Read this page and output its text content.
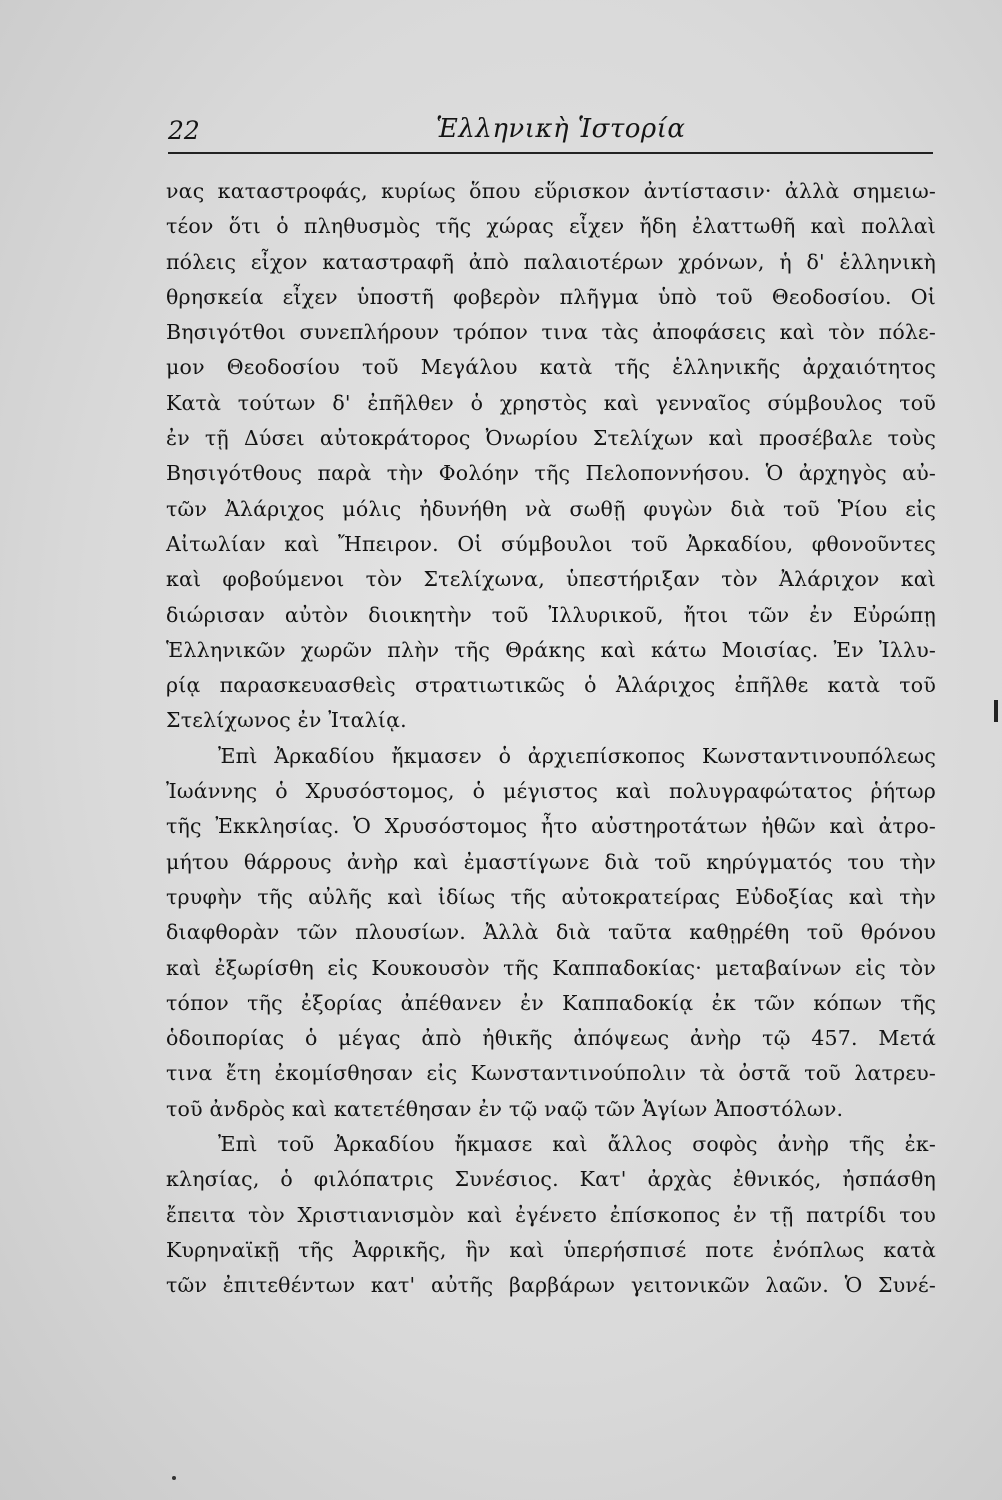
22	Ἑλληνικὴ Ἱστορία
νας καταστροφάς, κυρίως ὅπου εὕρισκον ἀντίστασιν· ἀλλὰ σημειω-
τέον ὅτι ὁ πληθυσμὸς τῆς χώρας εἶχεν ἤδη ἐλαττωθῆ καὶ πολλαὶ
πόλεις εἶχον καταστραφῆ ἀπὸ παλαιοτέρων χρόνων, ἡ δ' ἑλληνικὴ
θρησκεία εἶχεν ὑποστῆ φοβερὸν πλῆγμα ὑπὸ τοῦ Θεοδοσίου. Οἱ
Βησιγότθοι συνεπλήρουν τρόπον τινα τὰς ἀποφάσεις καὶ τὸν πόλε-
μον Θεοδοσίου τοῦ Μεγάλου κατὰ τῆς ἑλληνικῆς ἀρχαιότητος
Κατὰ τούτων δ' ἐπῆλθεν ὁ χρηστὸς καὶ γενναῖος σύμβουλος τοῦ
ἐν τῇ Δύσει αὐτοκράτορος Ὀνωρίου Στελίχων καὶ προσέβαλε τοὺς
Βησιγότθους παρὰ τὴν Φολόην τῆς Πελοποννήσου. Ὁ ἀρχηγὸς αὐ-
τῶν Ἀλάριχος μόλις ἠδυνήθη νὰ σωθῇ φυγὼν διὰ τοῦ Ῥίου εἰς
Αἰτωλίαν καὶ Ἤπειρον. Οἱ σύμβουλοι τοῦ Ἀρκαδίου, φθονοῦντες
καὶ φοβούμενοι τὸν Στελίχωνα, ὑπεστήριξαν τὸν Ἀλάριχον καὶ
διώρισαν αὐτὸν διοικητὴν τοῦ Ἰλλυρικοῦ, ἤτοι τῶν ἐν Εὐρώπῃ
Ἑλληνικῶν χωρῶν πλὴν τῆς Θράκης καὶ κάτω Μοισίας. Ἐν Ἰλλυ-
ρίᾳ παρασκευασθεὶς στρατιωτικῶς ὁ Ἀλάριχος ἐπῆλθε κατὰ τοῦ
Στελίχωνος ἐν Ἰταλίᾳ.
Ἐπὶ Ἀρκαδίου ἤκμασεν ὁ ἀρχιεπίσκοπος Κωνσταντινουπόλεως
Ἰωάννης ὁ Χρυσόστομος, ὁ μέγιστος καὶ πολυγραφώτατος ῥήτωρ
τῆς Ἐκκλησίας. Ὁ Χρυσόστομος ἦτο αὐστηροτάτων ἠθῶν καὶ ἀτρο-
μήτου θάρρους ἀνὴρ καὶ ἐμαστίγωνε διὰ τοῦ κηρύγματός του τὴν
τρυφὴν τῆς αὐλῆς καὶ ἰδίως τῆς αὐτοκρατείρας Εὐδοξίας καὶ τὴν
διαφθορὰν τῶν πλουσίων. Ἀλλὰ διὰ ταῦτα καθῃρέθη τοῦ θρόνου
καὶ ἐξωρίσθη εἰς Κουκουσὸν τῆς Καππαδοκίας· μεταβαίνων εἰς τὸν
τόπον τῆς ἐξορίας ἀπέθανεν ἐν Καππαδοκίᾳ ἐκ τῶν κόπων τῆς
ὁδοιπορίας ὁ μέγας ἀπὸ ἠθικῆς ἀπόψεως ἀνὴρ τῷ 457. Μετά
τινα ἔτη ἐκομίσθησαν εἰς Κωνσταντινούπολιν τὰ ὀστᾶ τοῦ λατρευ-
τοῦ ἀνδρὸς καὶ κατετέθησαν ἐν τῷ ναῷ τῶν Ἁγίων Ἀποστόλων.
Ἐπὶ τοῦ Ἀρκαδίου ἤκμασε καὶ ἄλλος σοφὸς ἀνὴρ τῆς ἐκ-
κλησίας, ὁ φιλόπατρις Συνέσιος. Κατ' ἀρχὰς ἐθνικός, ἠσπάσθη
ἔπειτα τὸν Χριστιανισμὸν καὶ ἐγένετο ἐπίσκοπος ἐν τῇ πατρίδι του
Κυρηναϊκῇ τῆς Ἀφρικῆς, ἣν καὶ ὑπερήσπισέ ποτε ἐνόπλως κατὰ
τῶν ἐπιτεθέντων κατ' αὐτῆς βαρβάρων γειτονικῶν λαῶν. Ὁ Συνέ-
